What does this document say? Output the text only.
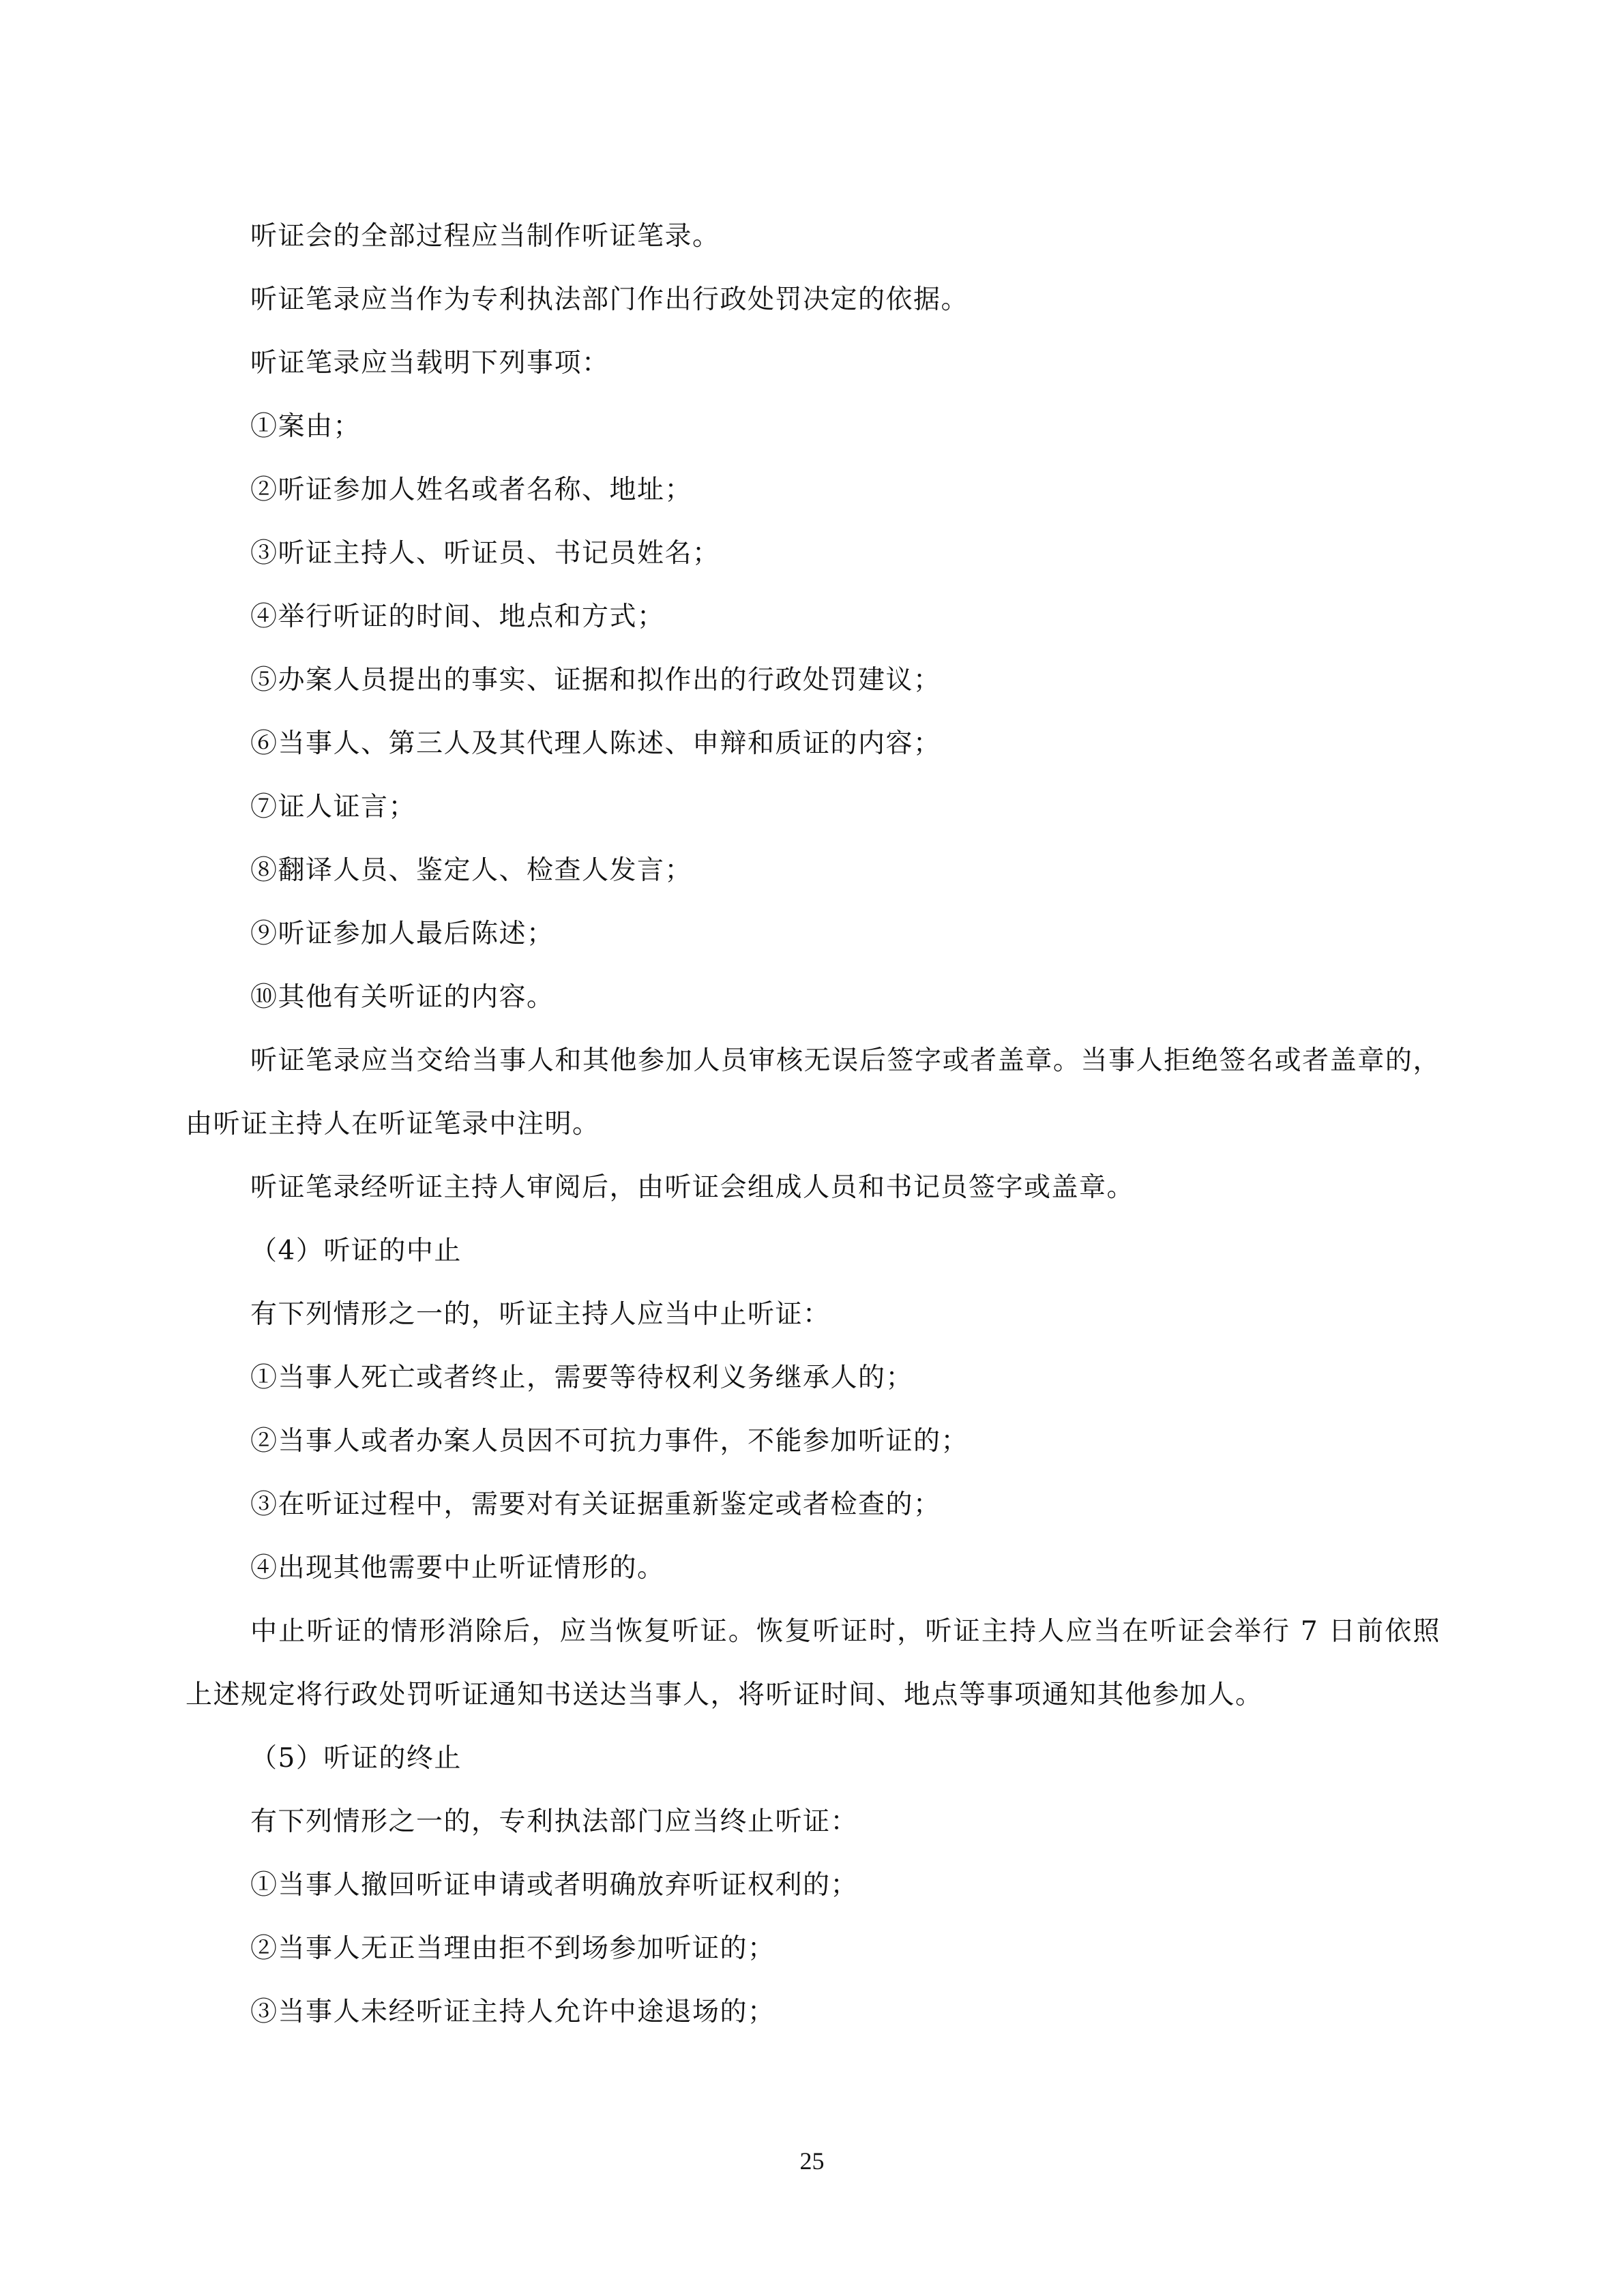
听证会的全部过程应当制作听证笔录。
听证笔录应当作为专利执法部门作出行政处罚决定的依据。
听证笔录应当载明下列事项：
①案由；
②听证参加人姓名或者名称、地址；
③听证主持人、听证员、书记员姓名；
④举行听证的时间、地点和方式；
⑤办案人员提出的事实、证据和拟作出的行政处罚建议；
⑥当事人、第三人及其代理人陈述、申辩和质证的内容；
⑦证人证言；
⑧翻译人员、鉴定人、检查人发言；
⑨听证参加人最后陈述；
⑩其他有关听证的内容。
听证笔录应当交给当事人和其他参加人员审核无误后签字或者盖章。当事人拒绝签名或者盖章的，由听证主持人在听证笔录中注明。
听证笔录经听证主持人审阅后，由听证会组成人员和书记员签字或盖章。
（4）听证的中止
有下列情形之一的，听证主持人应当中止听证：
①当事人死亡或者终止，需要等待权利义务继承人的；
②当事人或者办案人员因不可抗力事件，不能参加听证的；
③在听证过程中，需要对有关证据重新鉴定或者检查的；
④出现其他需要中止听证情形的。
中止听证的情形消除后，应当恢复听证。恢复听证时，听证主持人应当在听证会举行 7 日前依照上述规定将行政处罚听证通知书送达当事人，将听证时间、地点等事项通知其他参加人。
（5）听证的终止
有下列情形之一的，专利执法部门应当终止听证：
①当事人撤回听证申请或者明确放弃听证权利的；
②当事人无正当理由拒不到场参加听证的；
③当事人未经听证主持人允许中途退场的；
25
